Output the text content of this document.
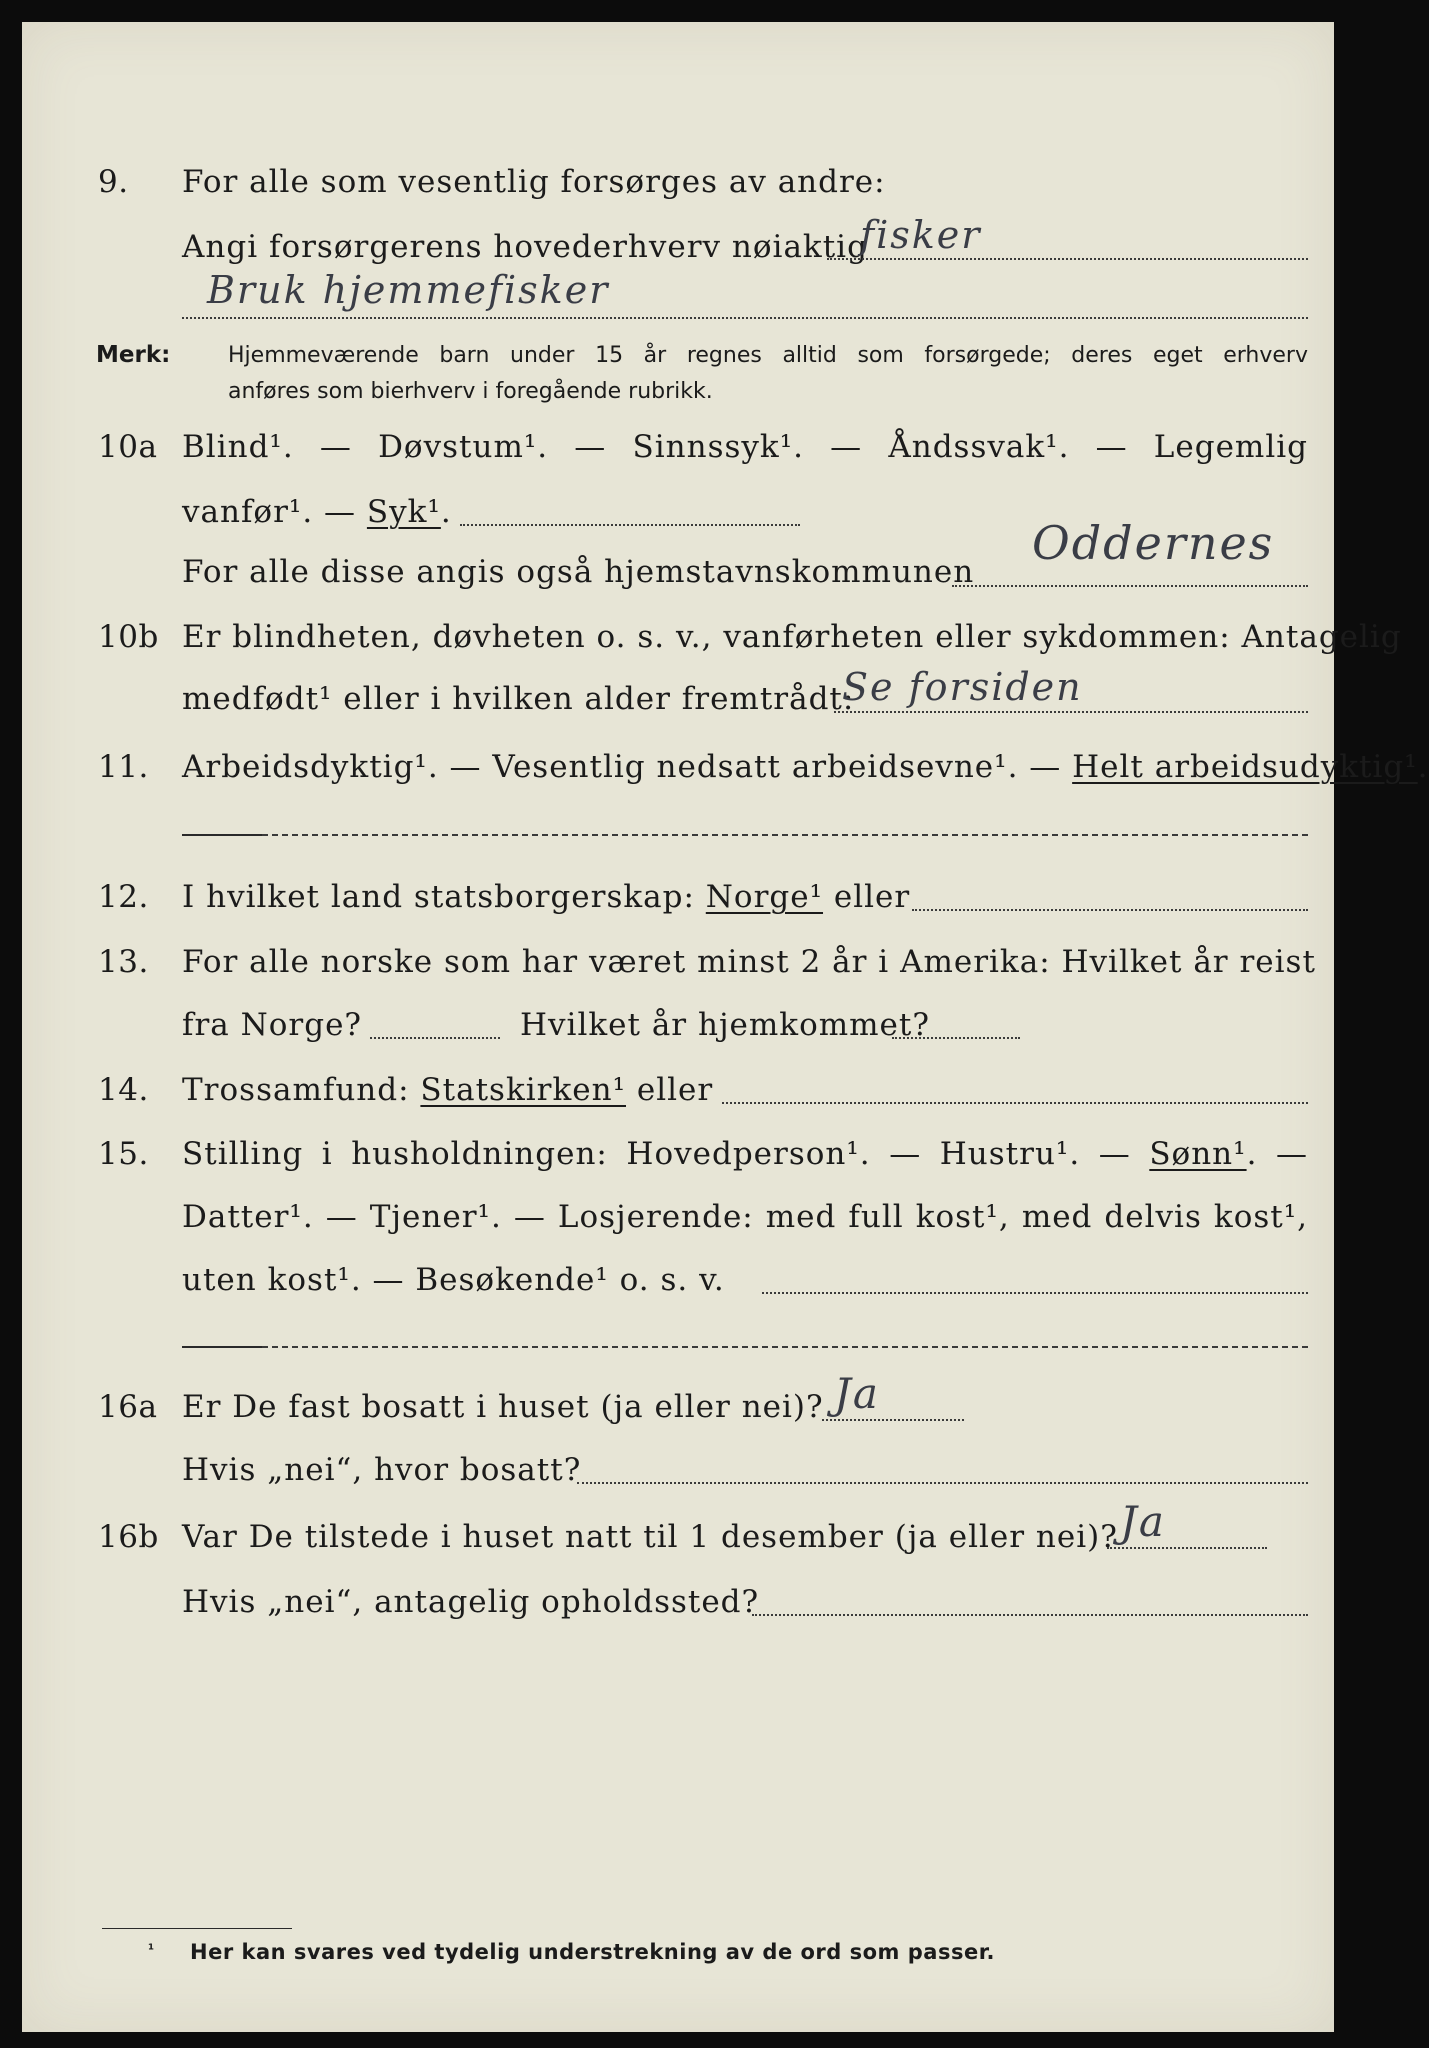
9. For alle som vesentlig forsørges av andre:
Angi forsørgerens hovederhverv nøiaktig
fisker
Bruk hjemmefisker
Merk:	Hjemmeværende barn under 15 år regnes alltid som forsørgede; deres eget erhverv
anføres som bierhverv i foregående rubrikk.
10a Blind¹. — Døvstum¹. — Sinnssyk¹. — Åndssvak¹. — Legemlig
vanfør¹. — Syk¹.
For alle disse angis også hjemstavnskommunen
Oddernes
10b Er blindheten, døvheten o. s. v., vanførheten eller sykdommen: Antagelig
medfødt¹ eller i hvilken alder fremtrådt:
Se forsiden
11. Arbeidsdyktig¹. — Vesentlig nedsatt arbeidsevne¹. — Helt arbeidsudyktig¹.
12. I hvilket land statsborgerskap: Norge¹ eller
13. For alle norske som har været minst 2 år i Amerika: Hvilket år reist
fra Norge?	Hvilket år hjemkommet?
14. Trossamfund: Statskirken¹ eller
15. Stilling i husholdningen: Hovedperson¹. — Hustru¹. — Sønn¹. —
Datter¹. — Tjener¹. — Losjerende: med full kost¹, med delvis kost¹,
uten kost¹. — Besøkende¹ o. s. v.
16a Er De fast bosatt i huset (ja eller nei)? Ja
Hvis „nei“, hvor bosatt?
16b Var De tilstede i huset natt til 1 desember (ja eller nei)? Ja
Hvis „nei“, antagelig opholdssted?
¹ Her kan svares ved tydelig understrekning av de ord som passer.
